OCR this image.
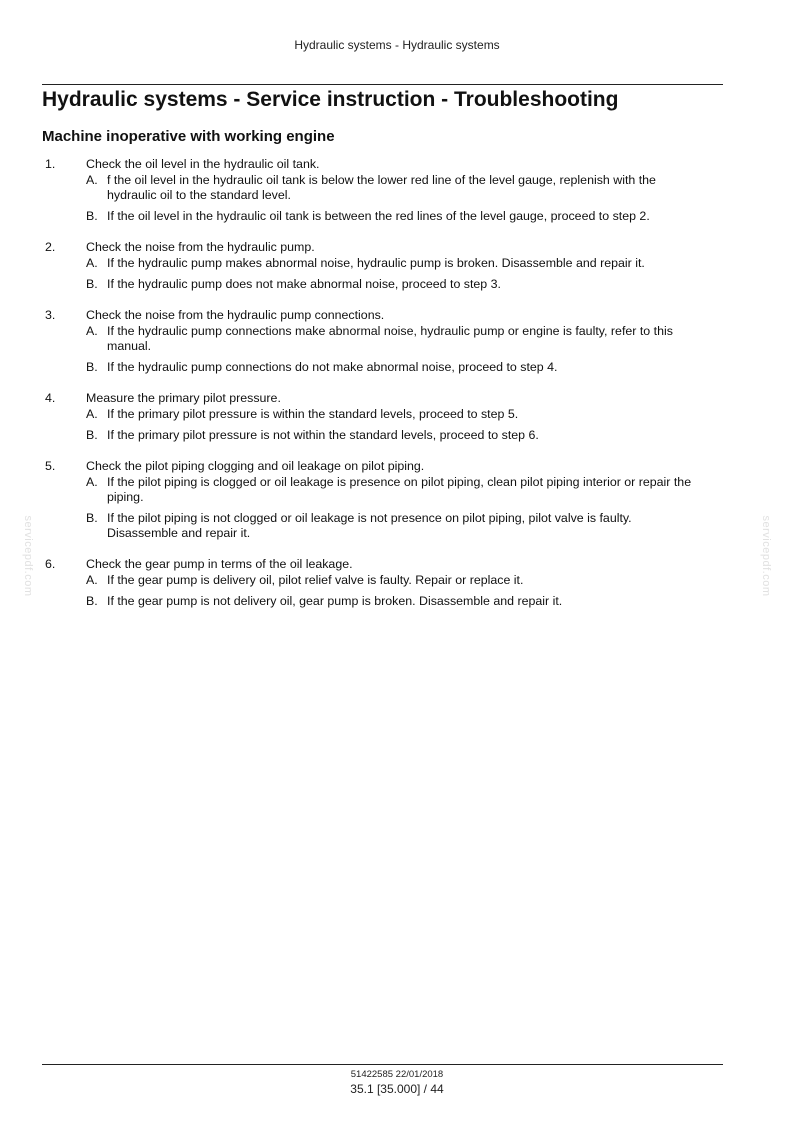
Hydraulic systems - Hydraulic systems
Hydraulic systems - Service instruction - Troubleshooting
Machine inoperative with working engine
1.	Check the oil level in the hydraulic oil tank.
A. f the oil level in the hydraulic oil tank is below the lower red line of the level gauge, replenish with the hydraulic oil to the standard level.
B. If the oil level in the hydraulic oil tank is between the red lines of the level gauge, proceed to step 2.
2.	Check the noise from the hydraulic pump.
A. If the hydraulic pump makes abnormal noise, hydraulic pump is broken. Disassemble and repair it.
B. If the hydraulic pump does not make abnormal noise, proceed to step 3.
3.	Check the noise from the hydraulic pump connections.
A. If the hydraulic pump connections make abnormal noise, hydraulic pump or engine is faulty, refer to this manual.
B. If the hydraulic pump connections do not make abnormal noise, proceed to step 4.
4.	Measure the primary pilot pressure.
A. If the primary pilot pressure is within the standard levels, proceed to step 5.
B. If the primary pilot pressure is not within the standard levels, proceed to step 6.
5.	Check the pilot piping clogging and oil leakage on pilot piping.
A. If the pilot piping is clogged or oil leakage is presence on pilot piping, clean pilot piping interior or repair the piping.
B. If the pilot piping is not clogged or oil leakage is not presence on pilot piping, pilot valve is faulty. Disassemble and repair it.
6.	Check the gear pump in terms of the oil leakage.
A. If the gear pump is delivery oil, pilot relief valve is faulty. Repair or replace it.
B. If the gear pump is not delivery oil, gear pump is broken. Disassemble and repair it.
servicepdf.com	servicepdf.com
51422585 22/01/2018
35.1 [35.000] / 44
